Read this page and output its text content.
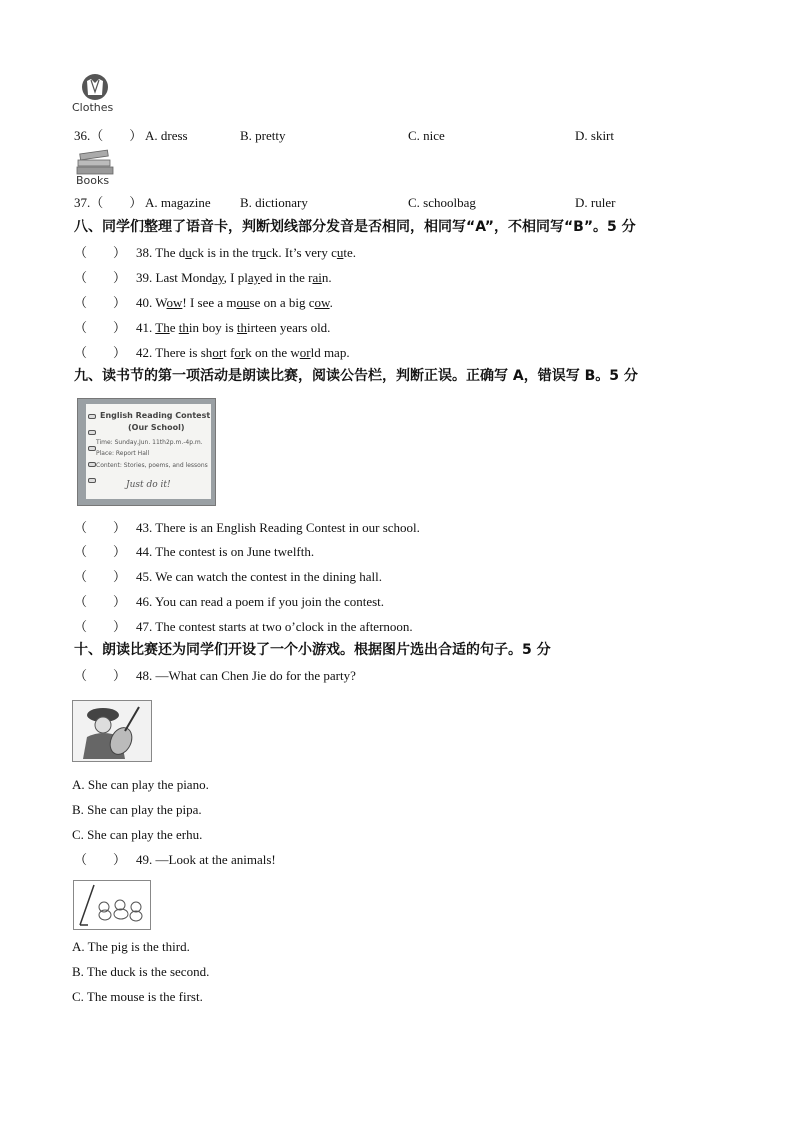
Clothes
36.（　　） A. dress	B. pretty	C. nice	D. skirt
Books
37.（　　） A. magazine B. dictionary	C. schoolbag	D. ruler
八、同学们整理了语音卡，判断划线部分发音是否相同，相同写“A”，不相同写“B”。5 分
（　　） 38. The duck is in the truck. It’s very cute.
（　　） 39. Last Monday, I played in the rain.
（　　） 40. Wow! I see a mouse on a big cow.
（　　） 41. The thin boy is thirteen years old.
（　　） 42. There is short fork on the world map.
九、读书节的第一项活动是朗读比赛，阅读公告栏，判断正误。正确写 A，错误写 B。5 分
English Reading Contest
(Our School)
Time: Sunday,Jun. 11th2p.m.-4p.m.
Place: Report Hall
Content: Stories, poems, and lessons
Just do it!
（　　） 43. There is an English Reading Contest in our school.
（　　） 44. The contest is on June twelfth.
（　　） 45. We can watch the contest in the dining hall.
（　　） 46. You can read a poem if you join the contest.
（　　） 47. The contest starts at two o’clock in the afternoon.
十、朗读比赛还为同学们开设了一个小游戏。根据图片选出合适的句子。5 分
（　　） 48. —What can Chen Jie do for the party?
A. She can play the piano.
B. She can play the pipa.
C. She can play the erhu.
（　　） 49. —Look at the animals!
A. The pig is the third.
B. The duck is the second.
C. The mouse is the first.
